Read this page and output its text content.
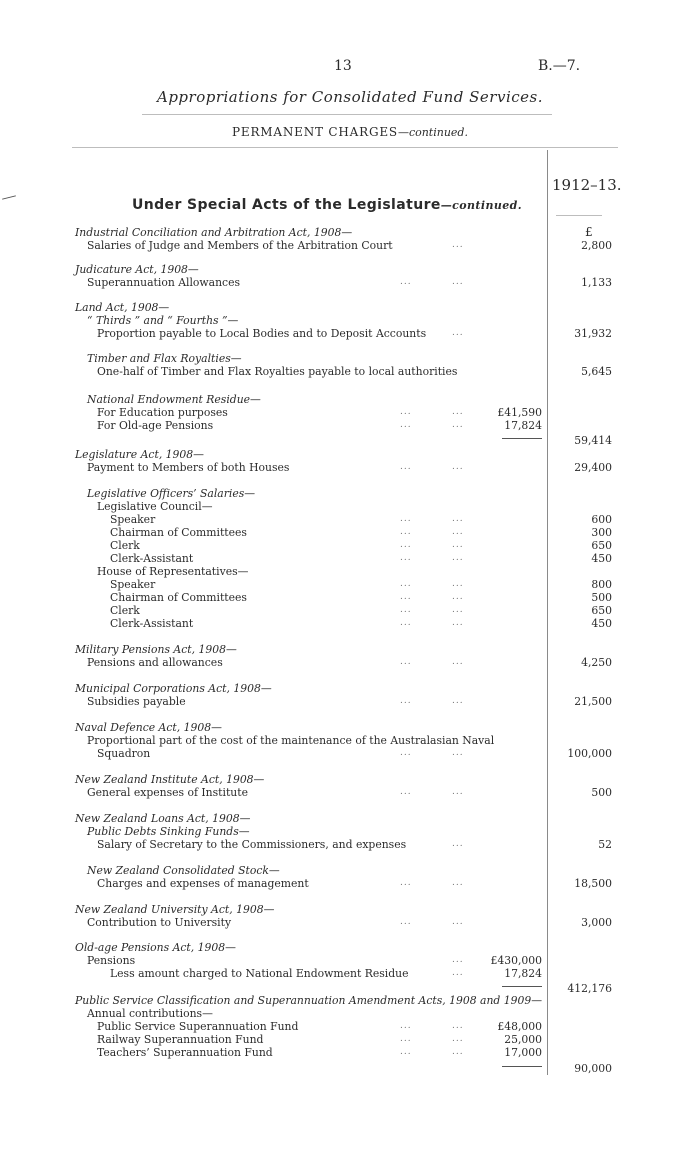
13	B.—7.
Appropriations for Consolidated Fund Services.
PERMANENT CHARGES—continued.
1912–13.
£
Under Special Acts of the Legislature—continued.
Industrial Conciliation and Arbitration Act, 1908—
Salaries of Judge and Members of the Arbitration Court	...	2,800
Judicature Act, 1908—
Superannuation Allowances	...	...	1,133
Land Act, 1908—
“ Thirds ” and “ Fourths ”—
Proportion payable to Local Bodies and to Deposit Accounts	...	31,932
Timber and Flax Royalties—
One-half of Timber and Flax Royalties payable to local authorities	5,645
National Endowment Residue—
For Education purposes	...	...	£41,590
For Old-age Pensions	...	...	17,824
59,414
Legislature Act, 1908—
Payment to Members of both Houses	...	...	29,400
Legislative Officers’ Salaries—
Legislative Council—
Speaker	...	...	600
Chairman of Committees	...	...	300
Clerk	...	...	650
Clerk-Assistant	...	...	450
House of Representatives—
Speaker	...	...	800
Chairman of Committees	...	...	500
Clerk	...	...	650
Clerk-Assistant	...	...	450
Military Pensions Act, 1908—
Pensions and allowances	...	...	4,250
Municipal Corporations Act, 1908—
Subsidies payable	...	...	21,500
Naval Defence Act, 1908—
Proportional part of the cost of the maintenance of the Australasian Naval
Squadron	...	...	100,000
New Zealand Institute Act, 1908—
General expenses of Institute	...	...	500
New Zealand Loans Act, 1908—
Public Debts Sinking Funds—
Salary of Secretary to the Commissioners, and expenses	...	52
New Zealand Consolidated Stock—
Charges and expenses of management	...	...	18,500
New Zealand University Act, 1908—
Contribution to University	...	...	3,000
Old-age Pensions Act, 1908—
Pensions	... £430,000
Less amount charged to National Endowment Residue	...	17,824
412,176
Public Service Classification and Superannuation Amendment Acts, 1908 and 1909—
Annual contributions—
Public Service Superannuation Fund	...	...	£48,000
Railway Superannuation Fund	...	...	25,000
Teachers’ Superannuation Fund	...	...	17,000
90,000
